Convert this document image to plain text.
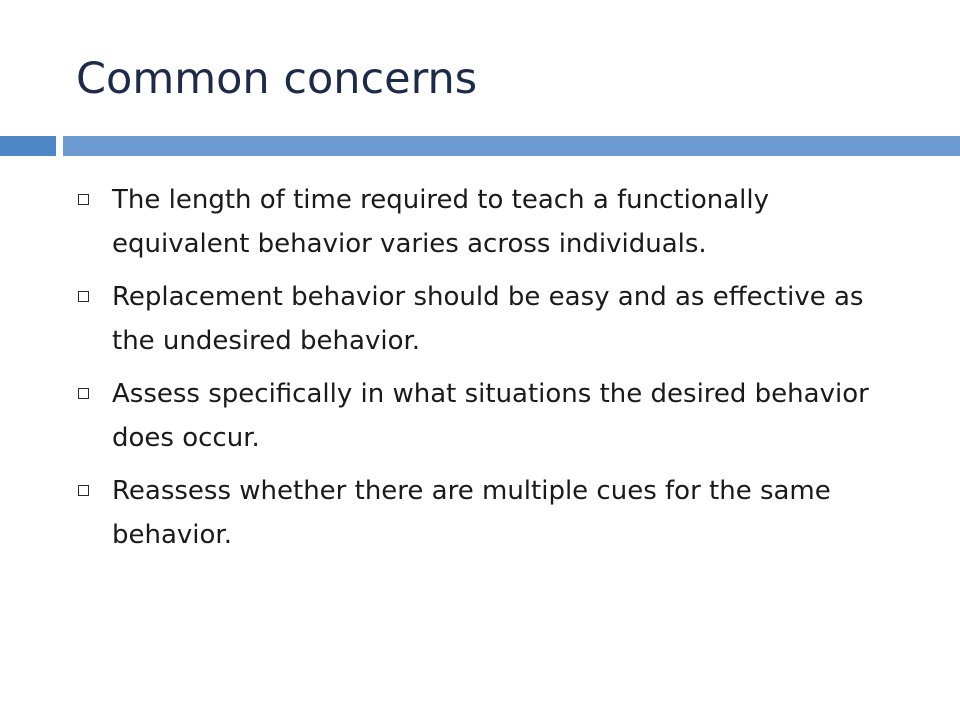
Common concerns
The length of time required to teach a functionally equivalent behavior varies across individuals.
Replacement behavior should be easy and as effective as the undesired behavior.
Assess specifically in what situations the desired behavior does occur.
Reassess whether there are multiple cues for the same behavior.
